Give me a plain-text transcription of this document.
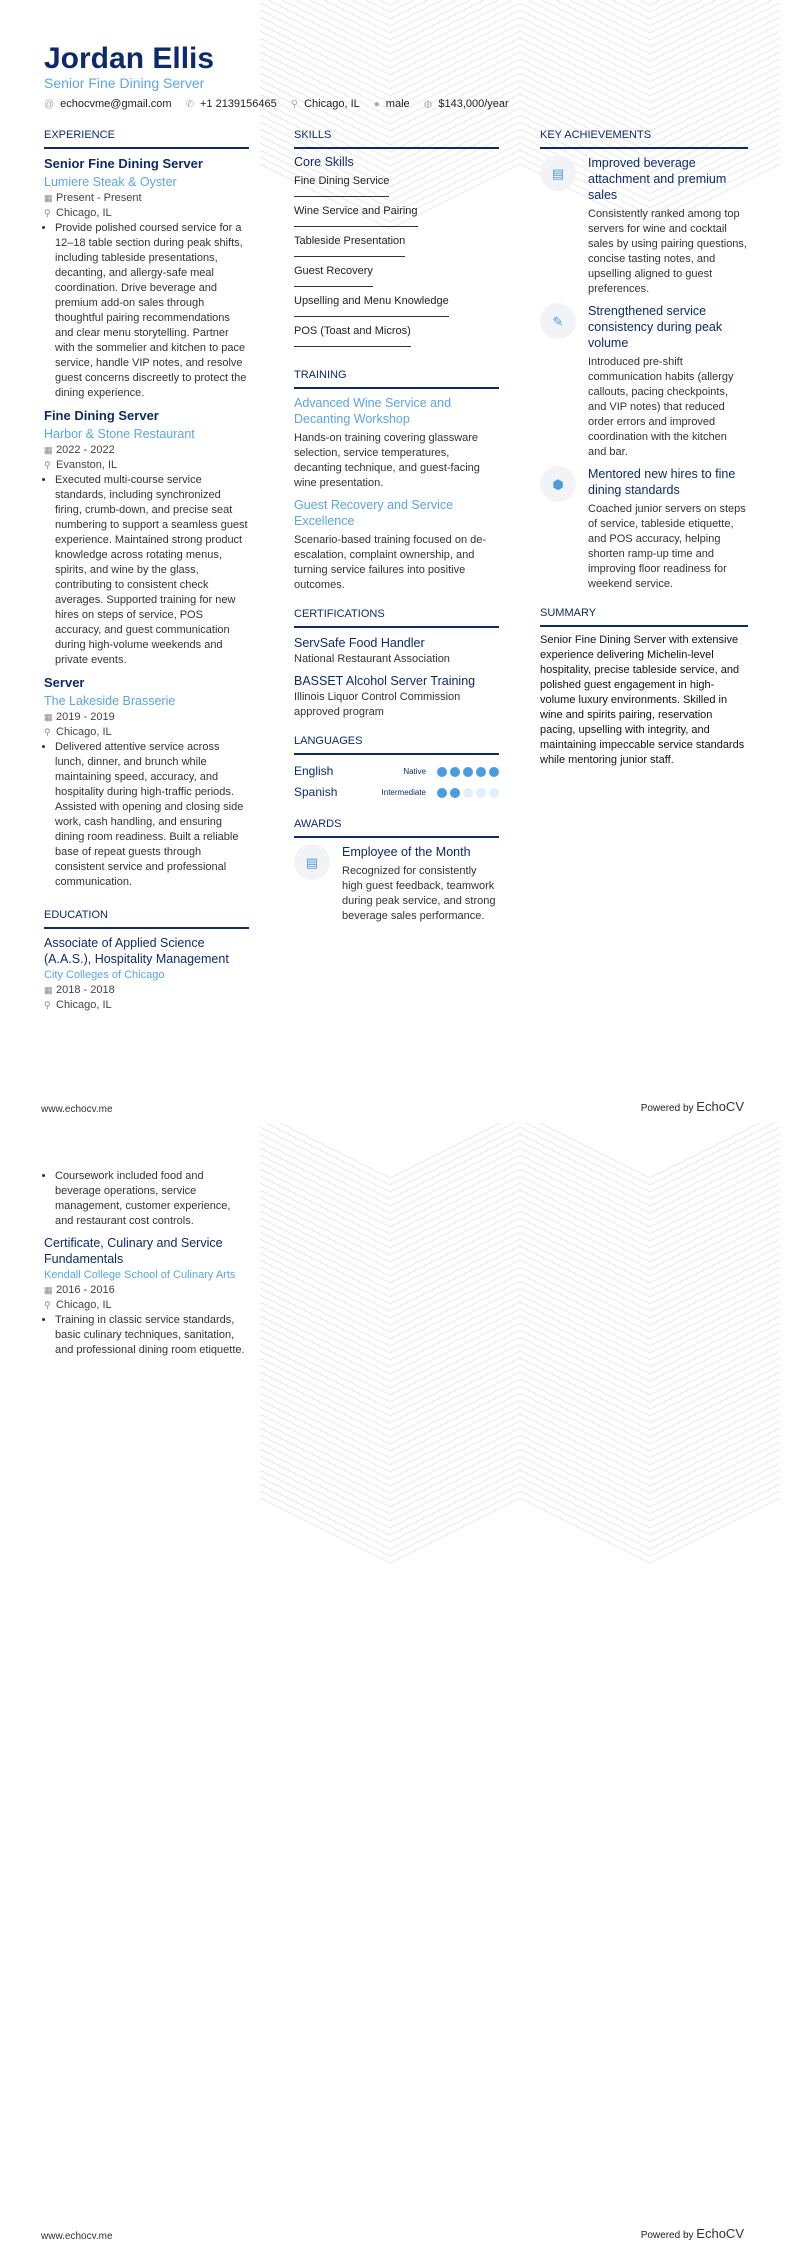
Jordan Ellis
Senior Fine Dining Server
@ echocvme@gmail.com ✆ +1 2139156465 ⚲ Chicago, IL ● male ◍ $143,000/year
EXPERIENCE
Senior Fine Dining Server
Lumiere Steak & Oyster
▦ Present - Present
⚲ Chicago, IL
• Provide polished coursed service for a 12–18 table section during peak shifts, including tableside presentations, decanting, and allergy-safe meal coordination. Drive beverage and premium add-on sales through thoughtful pairing recommendations and clear menu storytelling. Partner with the sommelier and kitchen to pace service, handle VIP notes, and resolve guest concerns discreetly to protect the dining experience.
Fine Dining Server
Harbor & Stone Restaurant
▦ 2022 - 2022
⚲ Evanston, IL
• Executed multi-course service standards, including synchronized firing, crumb-down, and precise seat numbering to support a seamless guest experience. Maintained strong product knowledge across rotating menus, spirits, and wine by the glass, contributing to consistent check averages. Supported training for new hires on steps of service, POS accuracy, and guest communication during high-volume weekends and private events.
Server
The Lakeside Brasserie
▦ 2019 - 2019
⚲ Chicago, IL
• Delivered attentive service across lunch, dinner, and brunch while maintaining speed, accuracy, and hospitality during high-traffic periods. Assisted with opening and closing side work, cash handling, and ensuring dining room readiness. Built a reliable base of repeat guests through consistent service and professional communication.
EDUCATION
Associate of Applied Science (A.A.S.), Hospitality Management
City Colleges of Chicago
▦ 2018 - 2018
⚲ Chicago, IL
SKILLS
Core Skills
Fine Dining Service
Wine Service and Pairing
Tableside Presentation
Guest Recovery
Upselling and Menu Knowledge
POS (Toast and Micros)
TRAINING
Advanced Wine Service and Decanting Workshop
Hands-on training covering glassware selection, service temperatures, decanting technique, and guest-facing wine presentation.
Guest Recovery and Service Excellence
Scenario-based training focused on de-escalation, complaint ownership, and turning service failures into positive outcomes.
CERTIFICATIONS
ServSafe Food Handler
National Restaurant Association
BASSET Alcohol Server Training
Illinois Liquor Control Commission approved program
LANGUAGES
English	Native
Spanish	Intermediate
AWARDS
▤
Employee of the Month
Recognized for consistently high guest feedback, teamwork during peak service, and strong beverage sales performance.
KEY ACHIEVEMENTS
▤
Improved beverage attachment and premium sales
Consistently ranked among top servers for wine and cocktail sales by using pairing questions, concise tasting notes, and upselling aligned to guest preferences.
✎
Strengthened service consistency during peak volume
Introduced pre-shift communication habits (allergy callouts, pacing checkpoints, and VIP notes) that reduced order errors and improved coordination with the kitchen and bar.
⬢
Mentored new hires to fine dining standards
Coached junior servers on steps of service, tableside etiquette, and POS accuracy, helping shorten ramp-up time and improving floor readiness for weekend service.
SUMMARY
Senior Fine Dining Server with extensive experience delivering Michelin-level hospitality, precise tableside service, and polished guest engagement in high-volume luxury environments. Skilled in wine and spirits pairing, reservation pacing, upselling with integrity, and maintaining impeccable service standards while mentoring junior staff.
www.echocv.me	Powered by EchoCV
• Coursework included food and beverage operations, service management, customer experience, and restaurant cost controls.
Certificate, Culinary and Service Fundamentals
Kendall College School of Culinary Arts
▦ 2016 - 2016
⚲ Chicago, IL
• Training in classic service standards, basic culinary techniques, sanitation, and professional dining room etiquette.
www.echocv.me	Powered by EchoCV
